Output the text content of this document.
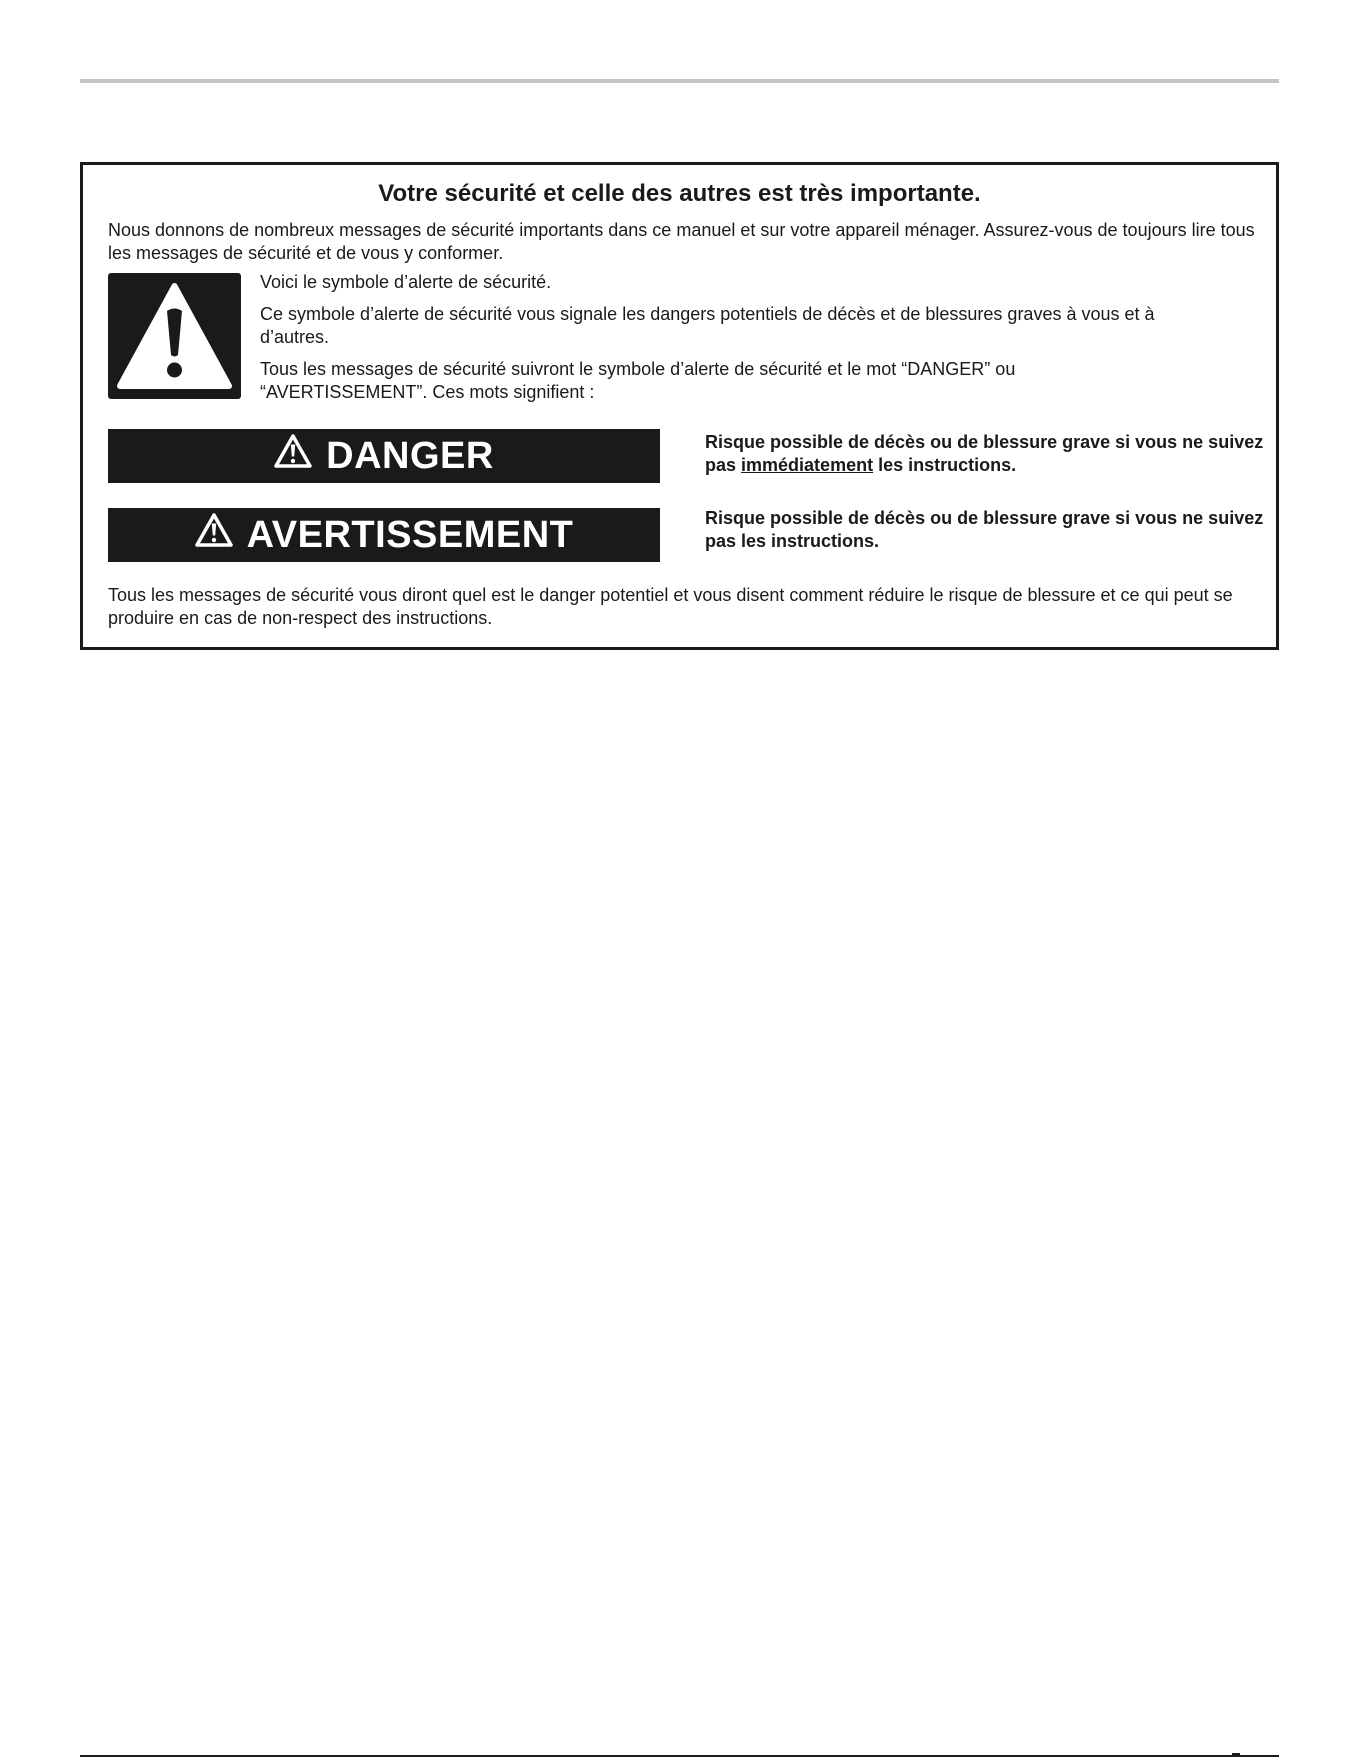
Votre sécurité et celle des autres est très importante.
Nous donnons de nombreux messages de sécurité importants dans ce manuel et sur votre appareil ménager. Assurez-vous de toujours lire tous les messages de sécurité et de vous y conformer.

Voici le symbole d’alerte de sécurité.

Ce symbole d’alerte de sécurité vous signale les dangers potentiels de décès et de blessures graves à vous et à d’autres.

Tous les messages de sécurité suivront le symbole d’alerte de sécurité et le mot “DANGER” ou “AVERTISSEMENT”. Ces mots signifient :

DANGER	Risque possible de décès ou de blessure grave si vous ne suivez pas immédiatement les instructions.
AVERTISSEMENT	Risque possible de décès ou de blessure grave si vous ne suivez pas les instructions.
Tous les messages de sécurité vous diront quel est le danger potentiel et vous disent comment réduire le risque de blessure et ce qui peut se produire en cas de non-respect des instructions.
